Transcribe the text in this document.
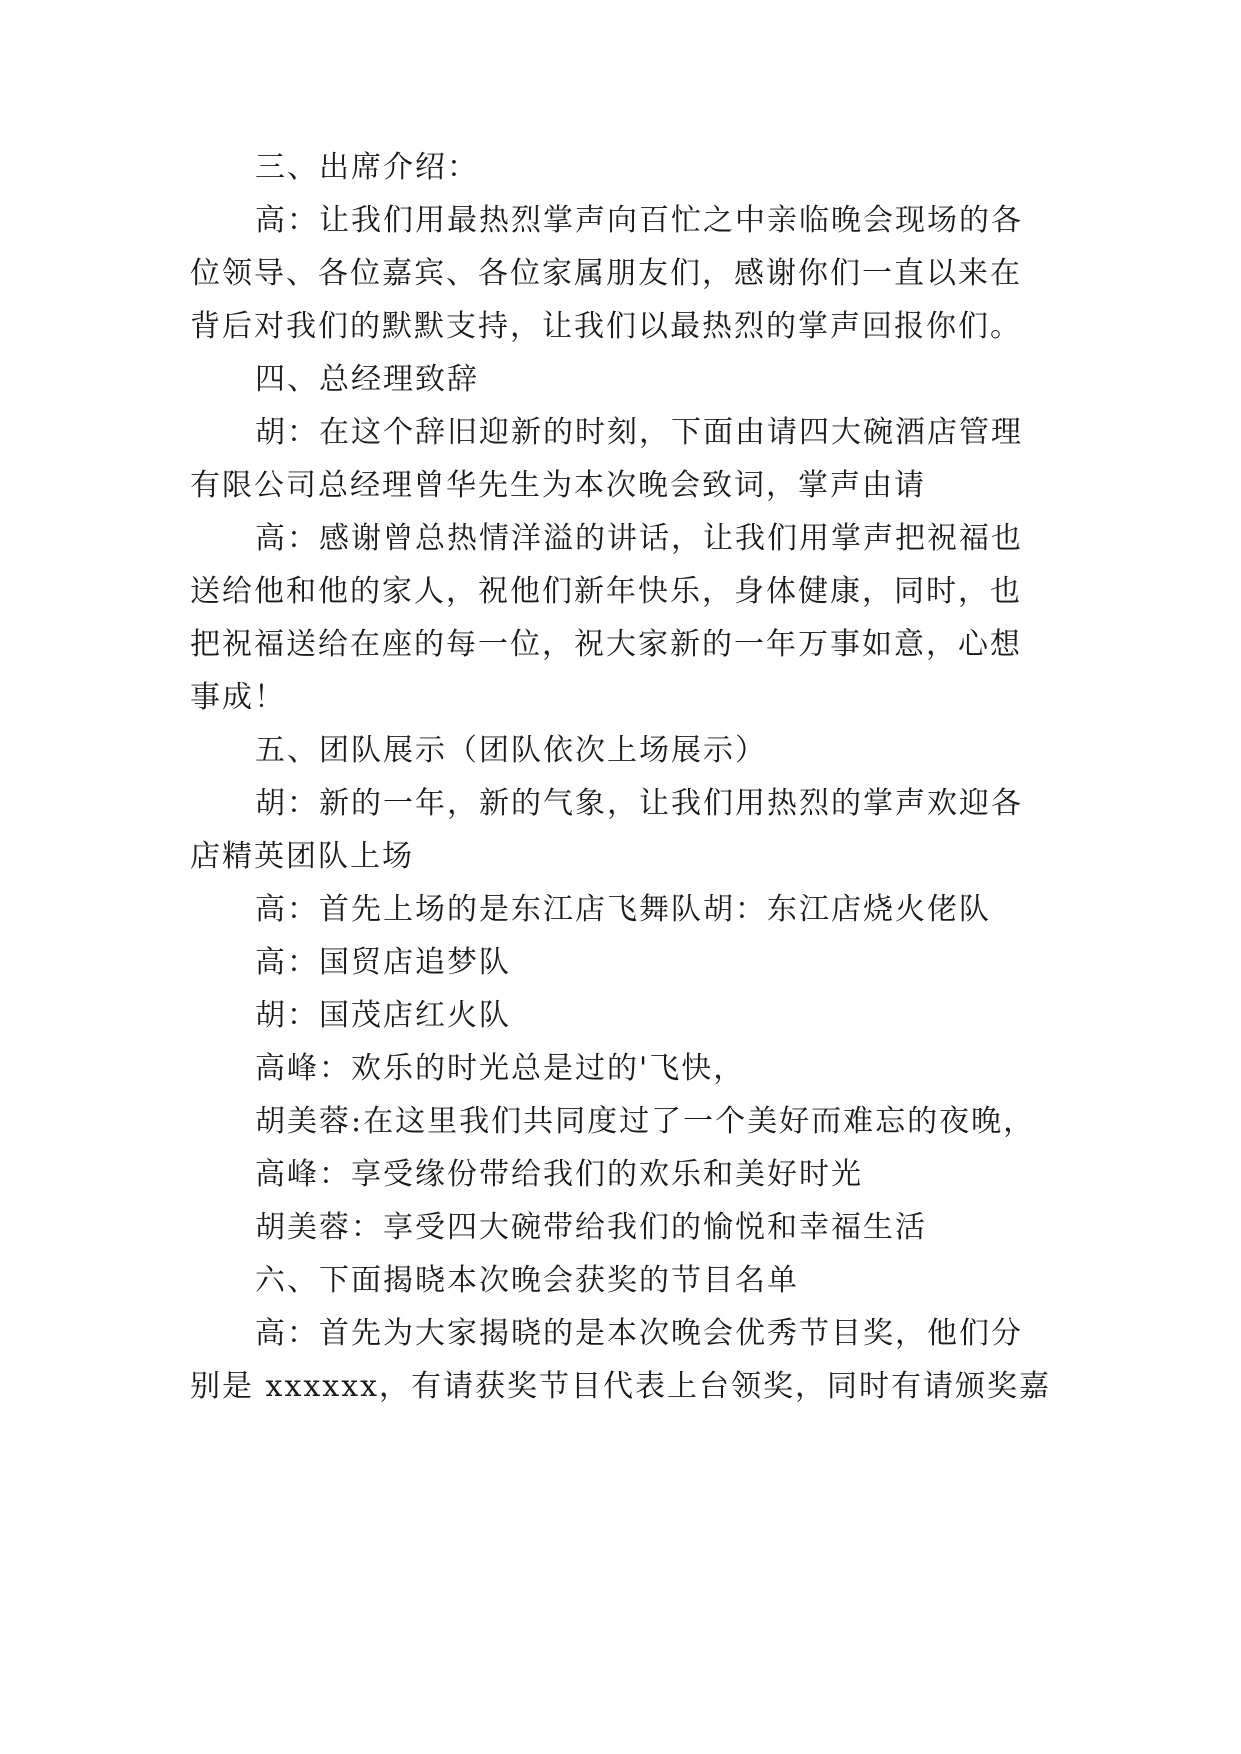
三、出席介绍：

高：让我们用最热烈掌声向百忙之中亲临晚会现场的各

位领导、各位嘉宾、各位家属朋友们，感谢你们一直以来在

背后对我们的默默支持，让我们以最热烈的掌声回报你们。

四、总经理致辞

胡：在这个辞旧迎新的时刻，下面由请四大碗酒店管理

有限公司总经理曾华先生为本次晚会致词，掌声由请

高：感谢曾总热情洋溢的讲话，让我们用掌声把祝福也

送给他和他的家人，祝他们新年快乐，身体健康，同时，也

把祝福送给在座的每一位，祝大家新的一年万事如意，心想

事成！

五、团队展示（团队依次上场展示）

胡：新的一年，新的气象，让我们用热烈的掌声欢迎各

店精英团队上场

高：首先上场的是东江店飞舞队胡：东江店烧火佬队

高：国贸店追梦队

胡：国茂店红火队

高峰：欢乐的时光总是过的'飞快，

胡美蓉:在这里我们共同度过了一个美好而难忘的夜晚，

高峰：享受缘份带给我们的欢乐和美好时光

胡美蓉：享受四大碗带给我们的愉悦和幸福生活

六、下面揭晓本次晚会获奖的节目名单

高：首先为大家揭晓的是本次晚会优秀节目奖，他们分

别是 xxxxxx，有请获奖节目代表上台领奖，同时有请颁奖嘉
